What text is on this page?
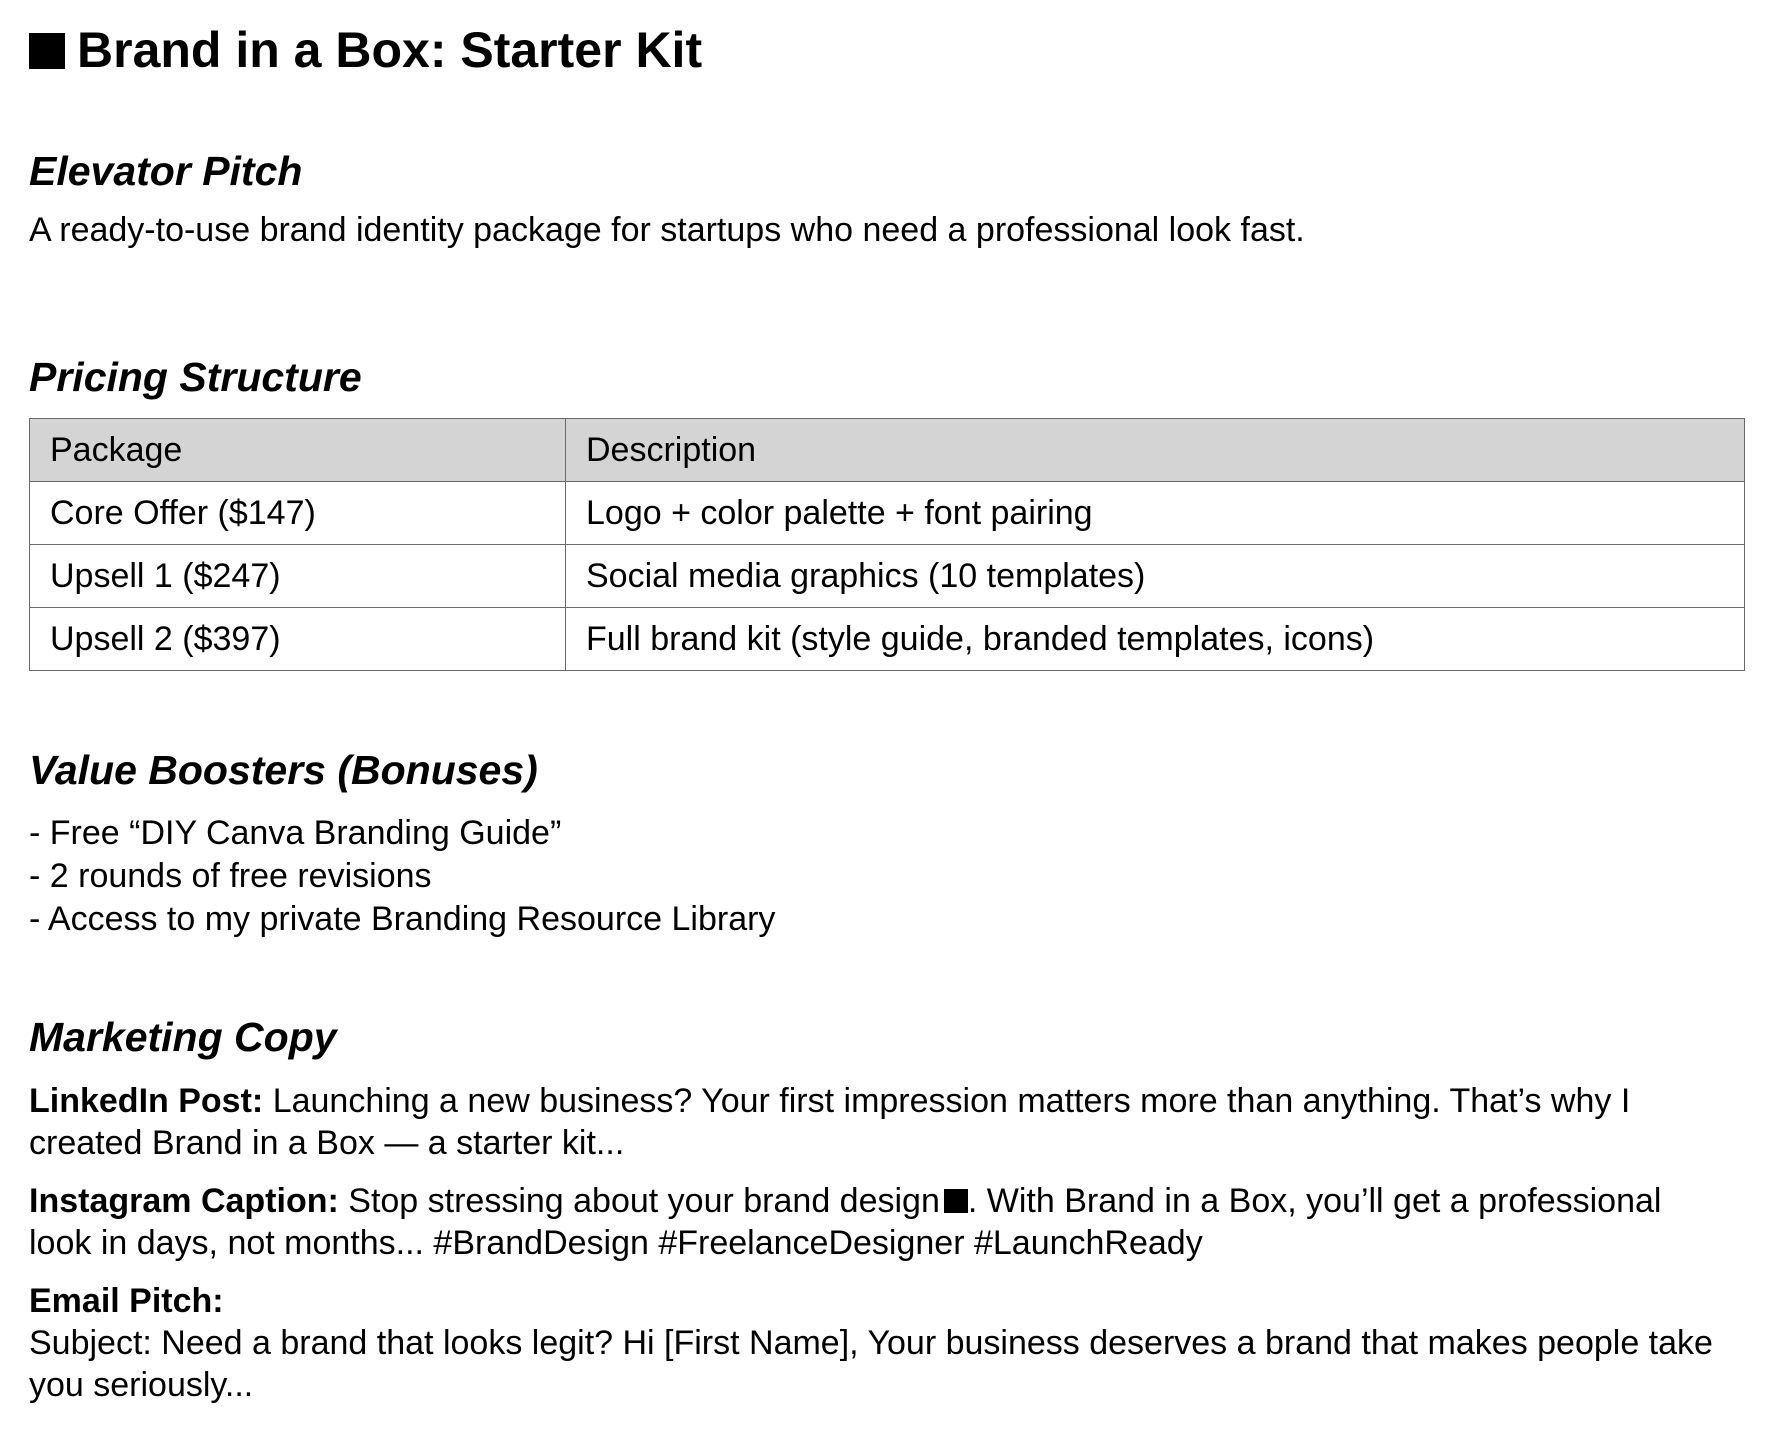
Brand in a Box: Starter Kit
Elevator Pitch
A ready-to-use brand identity package for startups who need a professional look fast.
Pricing Structure
Package	Description
Core Offer ($147)	Logo + color palette + font pairing
Upsell 1 ($247)	Social media graphics (10 templates)
Upsell 2 ($397)	Full brand kit (style guide, branded templates, icons)
Value Boosters (Bonuses)
- Free “DIY Canva Branding Guide”
- 2 rounds of free revisions
- Access to my private Branding Resource Library
Marketing Copy
LinkedIn Post: Launching a new business? Your first impression matters more than anything. That’s why I created Brand in a Box — a starter kit...
Instagram Caption: Stop stressing about your brand design . With Brand in a Box, you’ll get a professional look in days, not months... #BrandDesign #FreelanceDesigner #LaunchReady
Email Pitch:
Subject: Need a brand that looks legit? Hi [First Name], Your business deserves a brand that makes people take you seriously...
